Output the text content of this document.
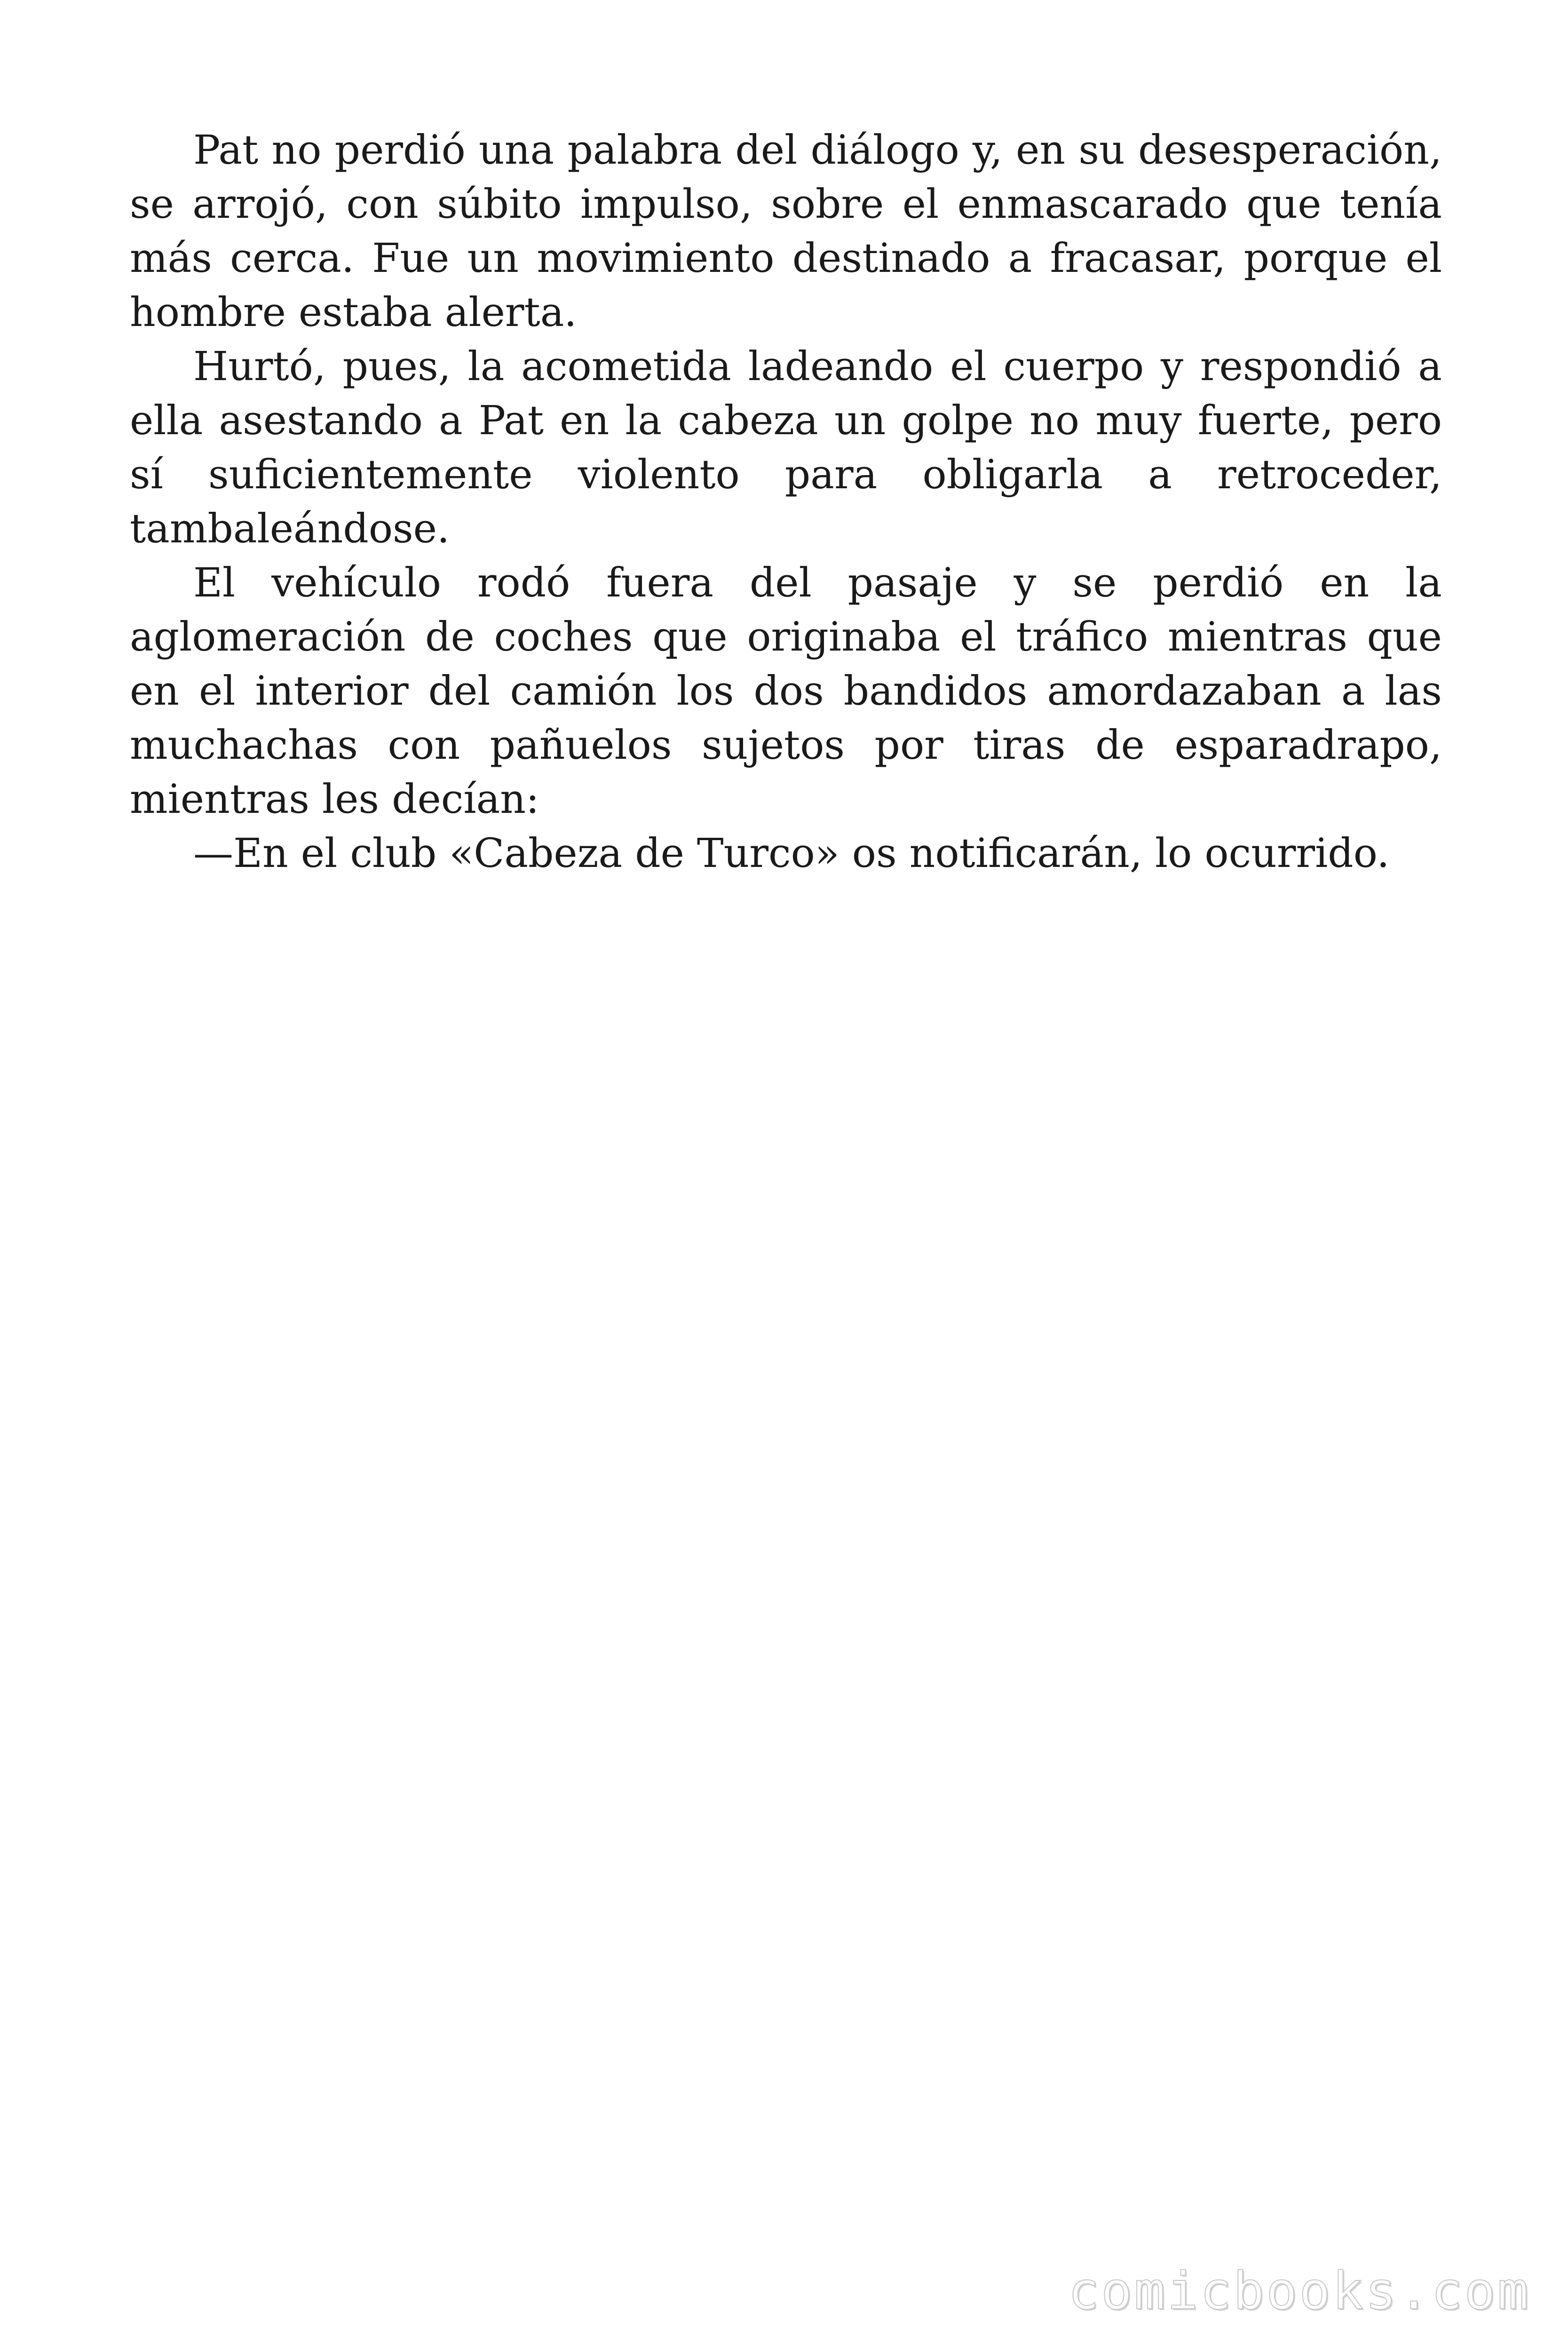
Pat no perdió una palabra del diálogo y, en su desesperación, se arrojó, con súbito impulso, sobre el enmascarado que tenía más cerca. Fue un movimiento destinado a fracasar, porque el hombre estaba alerta.

Hurtó, pues, la acometida ladeando el cuerpo y respondió a ella asestando a Pat en la cabeza un golpe no muy fuerte, pero sí suficientemente violento para obligarla a retroceder, tambaleándose.

El vehículo rodó fuera del pasaje y se perdió en la aglomeración de coches que originaba el tráfico mientras que en el interior del camión los dos bandidos amordazaban a las muchachas con pañuelos sujetos por tiras de esparadrapo, mientras les decían:

—En el club «Cabeza de Turco» os notificarán, lo ocurrido.

comicbooks.com
